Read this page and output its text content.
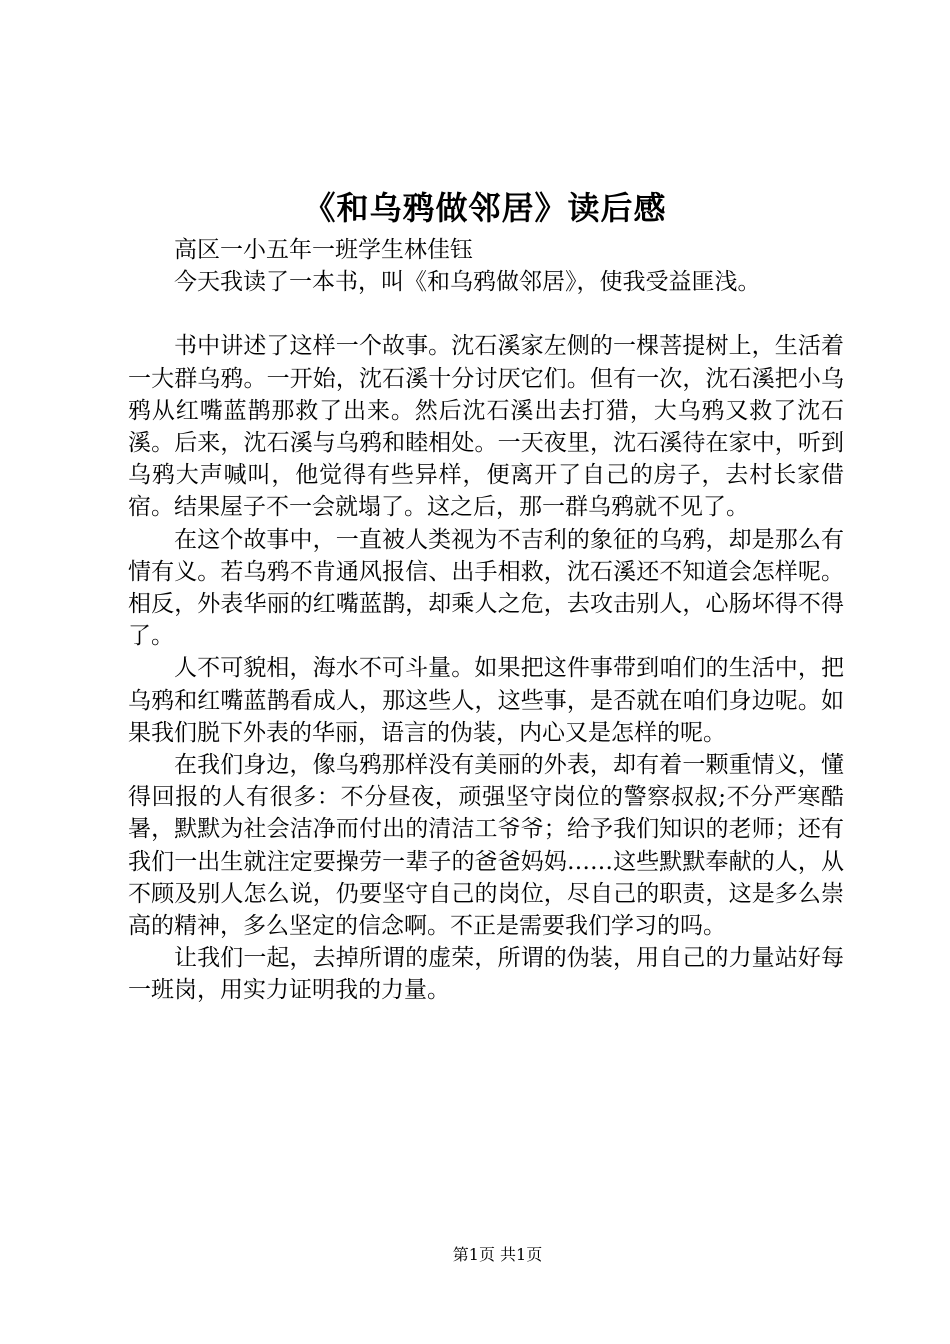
《和乌鸦做邻居》读后感

高区一小五年一班学生林佳钰

今天我读了一本书，叫《和乌鸦做邻居》，使我受益匪浅。

书中讲述了这样一个故事。沈石溪家左侧的一棵菩提树上，生活着一大群乌鸦。一开始，沈石溪十分讨厌它们。但有一次，沈石溪把小乌鸦从红嘴蓝鹊那救了出来。然后沈石溪出去打猎，大乌鸦又救了沈石溪。后来，沈石溪与乌鸦和睦相处。一天夜里，沈石溪待在家中，听到乌鸦大声喊叫，他觉得有些异样，便离开了自己的房子，去村长家借宿。结果屋子不一会就塌了。这之后，那一群乌鸦就不见了。

在这个故事中，一直被人类视为不吉利的象征的乌鸦，却是那么有情有义。若乌鸦不肯通风报信、出手相救，沈石溪还不知道会怎样呢。相反，外表华丽的红嘴蓝鹊，却乘人之危，去攻击别人，心肠坏得不得了。

人不可貌相，海水不可斗量。如果把这件事带到咱们的生活中，把乌鸦和红嘴蓝鹊看成人，那这些人，这些事，是否就在咱们身边呢。如果我们脱下外表的华丽，语言的伪装，内心又是怎样的呢。

在我们身边，像乌鸦那样没有美丽的外表，却有着一颗重情义，懂得回报的人有很多：不分昼夜，顽强坚守岗位的警察叔叔;不分严寒酷暑，默默为社会洁净而付出的清洁工爷爷；给予我们知识的老师；还有我们一出生就注定要操劳一辈子的爸爸妈妈……这些默默奉献的人，从不顾及别人怎么说，仍要坚守自己的岗位，尽自己的职责，这是多么崇高的精神，多么坚定的信念啊。不正是需要我们学习的吗。

让我们一起，去掉所谓的虚荣，所谓的伪装，用自己的力量站好每一班岗，用实力证明我的力量。

第1页 共1页
